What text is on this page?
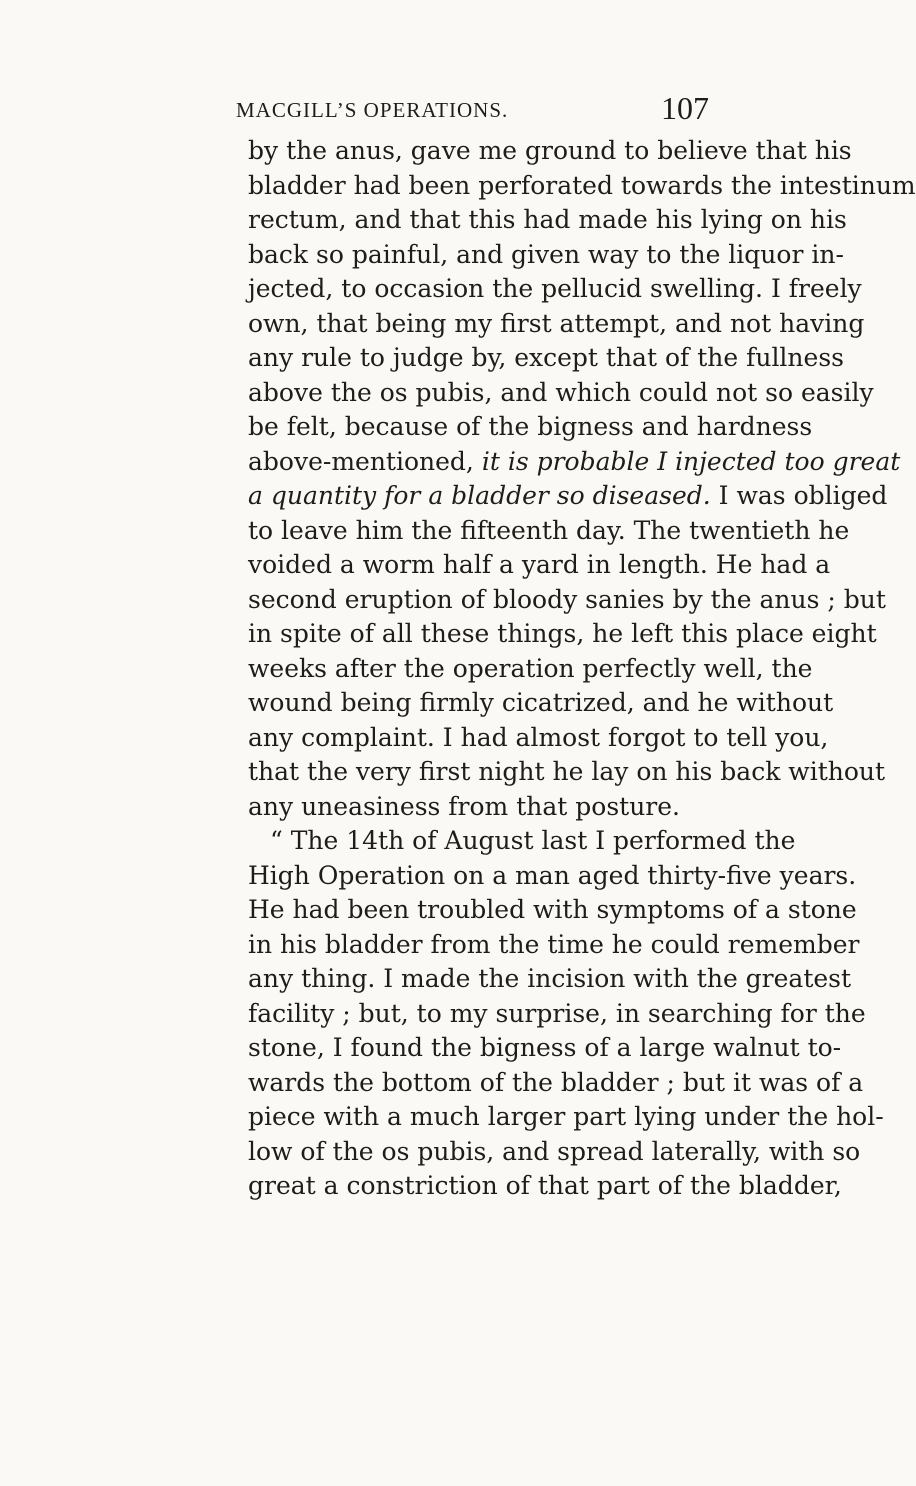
MACGILL’S OPERATIONS.	107
by the anus, gave me ground to believe that his
bladder had been perforated towards the intestinum
rectum, and that this had made his lying on his
back so painful, and given way to the liquor in-
jected, to occasion the pellucid swelling. I freely
own, that being my first attempt, and not having
any rule to judge by, except that of the fullness
above the os pubis, and which could not so easily
be felt, because of the bigness and hardness
above-mentioned, it is probable I injected too great
a quantity for a bladder so diseased. I was obliged
to leave him the fifteenth day. The twentieth he
voided a worm half a yard in length. He had a
second eruption of bloody sanies by the anus ; but
in spite of all these things, he left this place eight
weeks after the operation perfectly well, the
wound being firmly cicatrized, and he without
any complaint. I had almost forgot to tell you,
that the very first night he lay on his back without
any uneasiness from that posture.
“ The 14th of August last I performed the
High Operation on a man aged thirty-five years.
He had been troubled with symptoms of a stone
in his bladder from the time he could remember
any thing. I made the incision with the greatest
facility ; but, to my surprise, in searching for the
stone, I found the bigness of a large walnut to-
wards the bottom of the bladder ; but it was of a
piece with a much larger part lying under the hol-
low of the os pubis, and spread laterally, with so
great a constriction of that part of the bladder,
